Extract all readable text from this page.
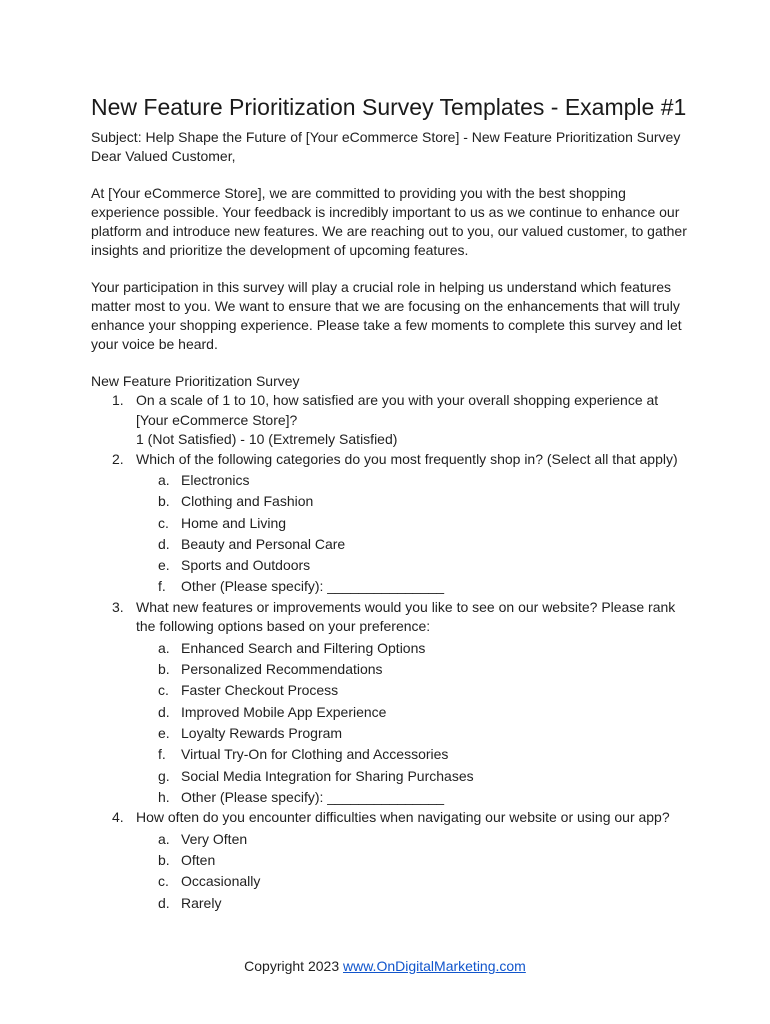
New Feature Prioritization Survey Templates - Example #1

Subject: Help Shape the Future of [Your eCommerce Store] - New Feature Prioritization Survey

Dear Valued Customer,

At [Your eCommerce Store], we are committed to providing you with the best shopping experience possible. Your feedback is incredibly important to us as we continue to enhance our platform and introduce new features. We are reaching out to you, our valued customer, to gather insights and prioritize the development of upcoming features.

Your participation in this survey will play a crucial role in helping us understand which features matter most to you. We want to ensure that we are focusing on the enhancements that will truly enhance your shopping experience. Please take a few moments to complete this survey and let your voice be heard.

New Feature Prioritization Survey

1. On a scale of 1 to 10, how satisfied are you with your overall shopping experience at [Your eCommerce Store]?
1 (Not Satisfied) - 10 (Extremely Satisfied)
2. Which of the following categories do you most frequently shop in? (Select all that apply)
a. Electronics
b. Clothing and Fashion
c. Home and Living
d. Beauty and Personal Care
e. Sports and Outdoors
f. Other (Please specify): _______________
3. What new features or improvements would you like to see on our website? Please rank the following options based on your preference:
a. Enhanced Search and Filtering Options
b. Personalized Recommendations
c. Faster Checkout Process
d. Improved Mobile App Experience
e. Loyalty Rewards Program
f. Virtual Try-On for Clothing and Accessories
g. Social Media Integration for Sharing Purchases
h. Other (Please specify): _______________
4. How often do you encounter difficulties when navigating our website or using our app?
a. Very Often
b. Often
c. Occasionally
d. Rarely
Copyright 2023 www.OnDigitalMarketing.com
